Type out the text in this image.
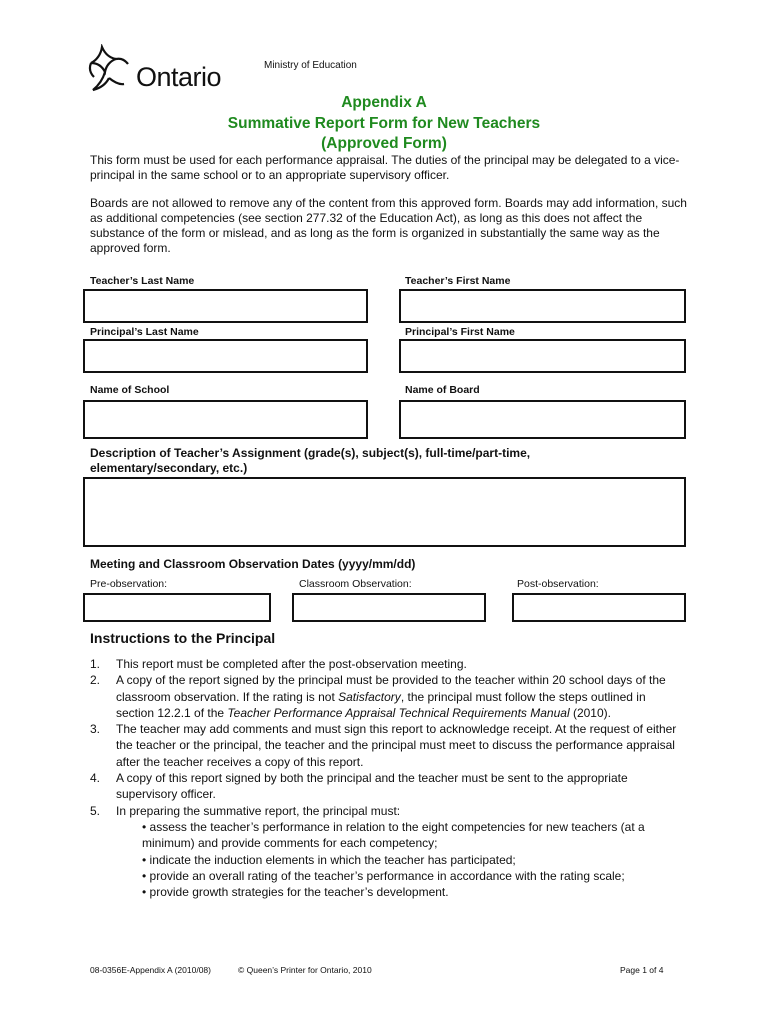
Ontario	Ministry of Education
Appendix A
Summative Report Form for New Teachers
(Approved Form)
This form must be used for each performance appraisal. The duties of the principal may be delegated to a vice-principal in the same school or to an appropriate supervisory officer.
Boards are not allowed to remove any of the content from this approved form. Boards may add information, such as additional competencies (see section 277.32 of the Education Act), as long as this does not affect the substance of the form or mislead, and as long as the form is organized in substantially the same way as the approved form.
Teacher’s Last Name	Teacher’s First Name
Principal’s Last Name	Principal’s First Name
Name of School	Name of Board
Description of Teacher’s Assignment (grade(s), subject(s), full-time/part-time, elementary/secondary, etc.)
Meeting and Classroom Observation Dates (yyyy/mm/dd)
Pre-observation:	Classroom Observation:	Post-observation:
Instructions to the Principal
1. This report must be completed after the post-observation meeting.
2. A copy of the report signed by the principal must be provided to the teacher within 20 school days of the classroom observation. If the rating is not Satisfactory, the principal must follow the steps outlined in section 12.2.1 of the Teacher Performance Appraisal Technical Requirements Manual (2010).
3. The teacher may add comments and must sign this report to acknowledge receipt. At the request of either the teacher or the principal, the teacher and the principal must meet to discuss the performance appraisal after the teacher receives a copy of this report.
4. A copy of this report signed by both the principal and the teacher must be sent to the appropriate supervisory officer.
5. In preparing the summative report, the principal must:
• assess the teacher’s performance in relation to the eight competencies for new teachers (at a minimum) and provide comments for each competency;
• indicate the induction elements in which the teacher has participated;
• provide an overall rating of the teacher’s performance in accordance with the rating scale;
• provide growth strategies for the teacher’s development.
08-0356E-Appendix A (2010/08)	© Queen’s Printer for Ontario, 2010	Page 1 of 4
